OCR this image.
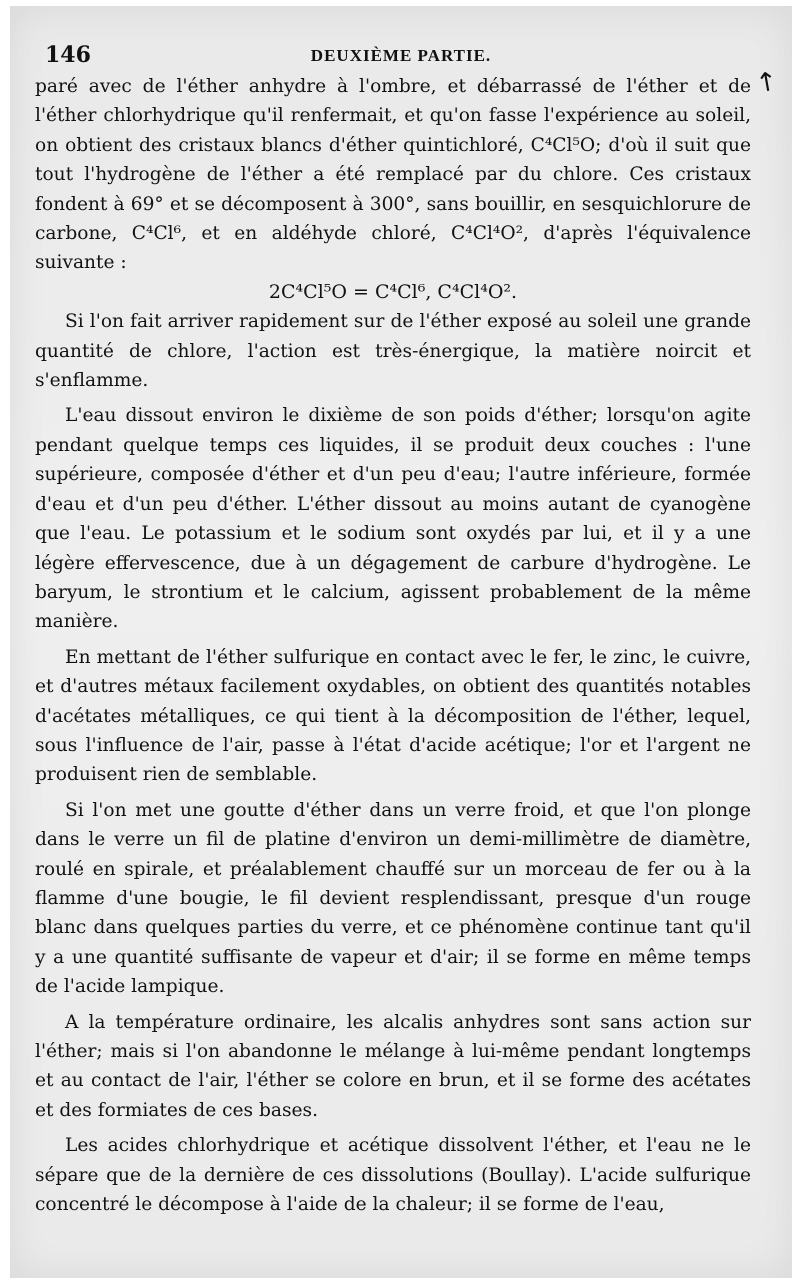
146	DEUXIÈME PARTIE.
↑

paré avec de l'éther anhydre à l'ombre, et débarrassé de l'éther et de l'éther chlorhydrique qu'il renfermait, et qu'on fasse l'expérience au soleil, on obtient des cristaux blancs d'éther quintichloré, C⁴Cl⁵O; d'où il suit que tout l'hydrogène de l'éther a été remplacé par du chlore. Ces cristaux fondent à 69° et se décomposent à 300°, sans bouillir, en sesquichlorure de carbone, C⁴Cl⁶, et en aldéhyde chloré, C⁴Cl⁴O², d'après l'équivalence suivante :

2C⁴Cl⁵O = C⁴Cl⁶, C⁴Cl⁴O².

Si l'on fait arriver rapidement sur de l'éther exposé au soleil une grande quantité de chlore, l'action est très-énergique, la matière noircit et s'enflamme.

L'eau dissout environ le dixième de son poids d'éther; lorsqu'on agite pendant quelque temps ces liquides, il se produit deux couches : l'une supérieure, composée d'éther et d'un peu d'eau; l'autre inférieure, formée d'eau et d'un peu d'éther. L'éther dissout au moins autant de cyanogène que l'eau. Le potassium et le sodium sont oxydés par lui, et il y a une légère effervescence, due à un dégagement de carbure d'hydrogène. Le baryum, le strontium et le calcium, agissent probablement de la même manière.

En mettant de l'éther sulfurique en contact avec le fer, le zinc, le cuivre, et d'autres métaux facilement oxydables, on obtient des quantités notables d'acétates métalliques, ce qui tient à la décomposition de l'éther, lequel, sous l'influence de l'air, passe à l'état d'acide acétique; l'or et l'argent ne produisent rien de semblable.

Si l'on met une goutte d'éther dans un verre froid, et que l'on plonge dans le verre un fil de platine d'environ un demi-millimètre de diamètre, roulé en spirale, et préalablement chauffé sur un morceau de fer ou à la flamme d'une bougie, le fil devient resplendissant, presque d'un rouge blanc dans quelques parties du verre, et ce phénomène continue tant qu'il y a une quantité suffisante de vapeur et d'air; il se forme en même temps de l'acide lampique.

A la température ordinaire, les alcalis anhydres sont sans action sur l'éther; mais si l'on abandonne le mélange à lui-même pendant longtemps et au contact de l'air, l'éther se colore en brun, et il se forme des acétates et des formiates de ces bases.

Les acides chlorhydrique et acétique dissolvent l'éther, et l'eau ne le sépare que de la dernière de ces dissolutions (Boullay). L'acide sulfurique concentré le décompose à l'aide de la chaleur; il se forme de l'eau,
